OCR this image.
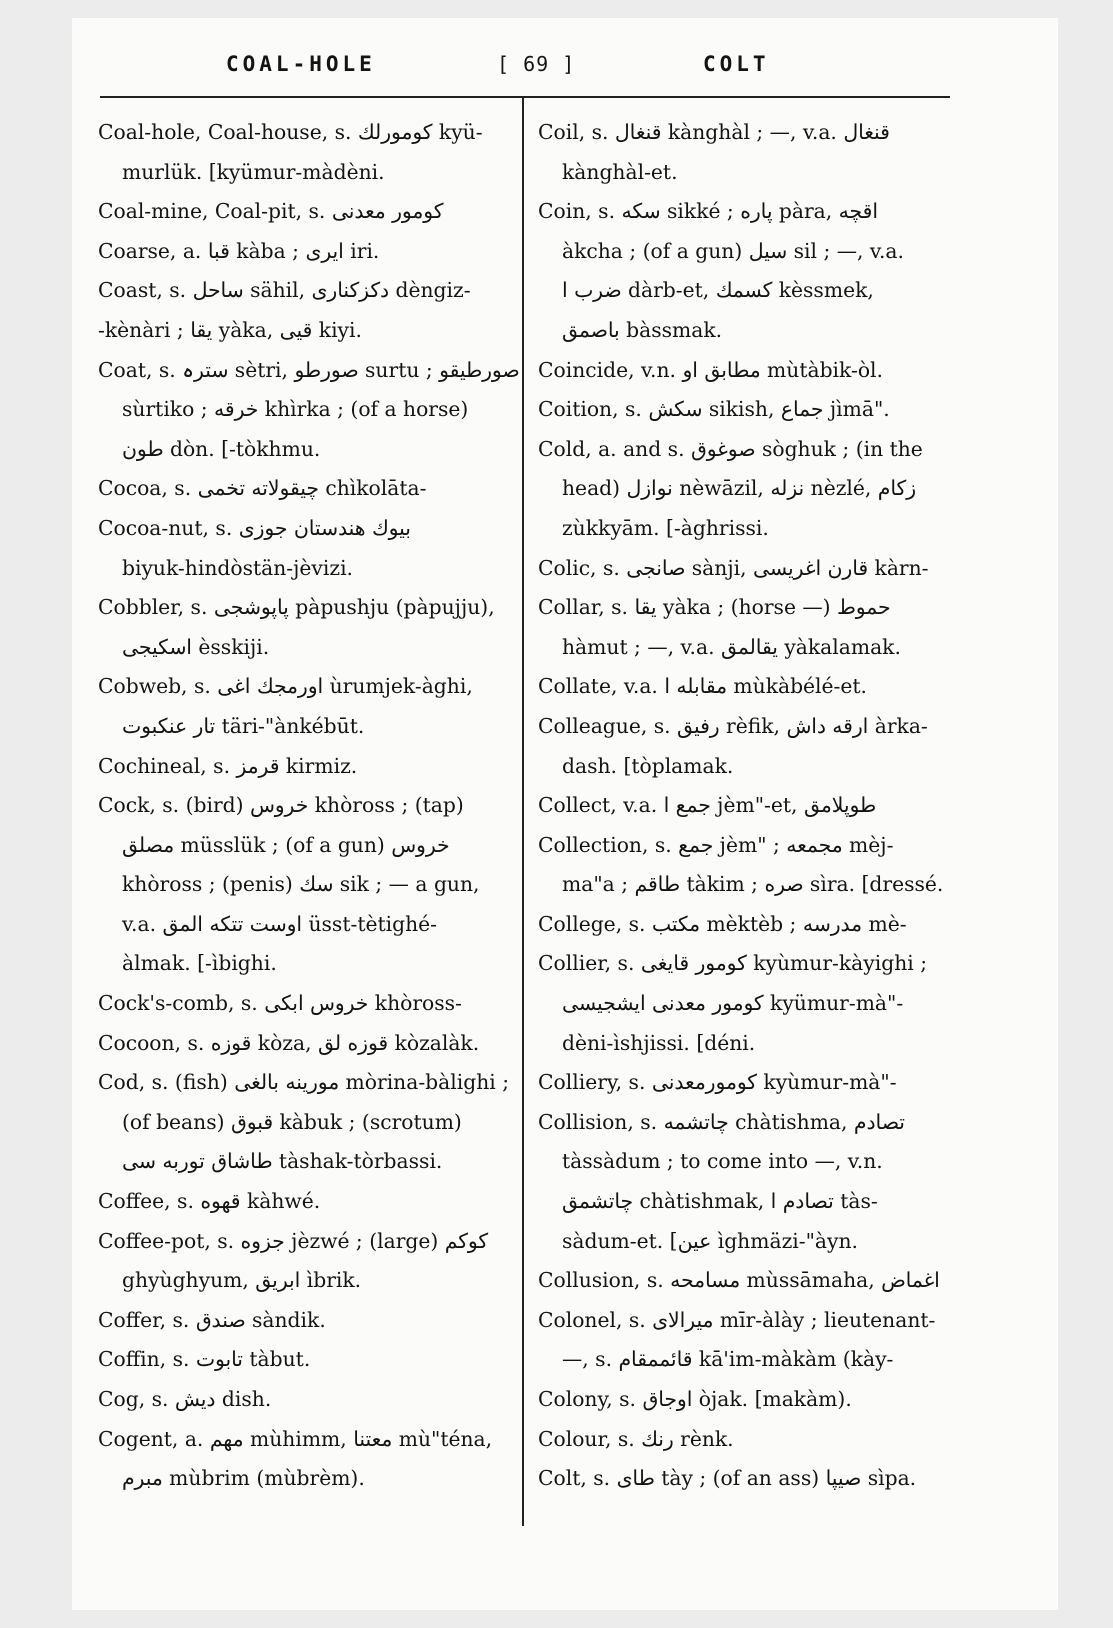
COAL-HOLE	[ 69 ]	COLT
Coal-hole, Coal-house, s. کومورلك kyü-
murlük. [kyümur-màdèni.
Coal-mine, Coal-pit, s. کومور معدنی
Coarse, a. قبا kàba ; ایری iri.
Coast, s. ساحل sähil, دکزکناری dèngiz-
-kènàri ; یقا yàka, قیی kiyi.
Coat, s. سترہ sètri, صورطو surtu ; صورطیقو
sùrtiko ; خرقه khìrka ; (of a horse)
طون dòn. [-tòkhmu.
Cocoa, s. چیقولاته تخمی chìkolāta-
Cocoa-nut, s. بیوك هندستان جوزی
biyuk-hindòstän-jèvizi.
Cobbler, s. پاپوشجی pàpushju (pàpujju),
اسکیجی èsskiji.
Cobweb, s. اورمجك اغی ùrumjek-àghi,
تار عنکبوت täri-"ànkébūt.
Cochineal, s. قرمز kirmiz.
Cock, s. (bird) خروس khòross ; (tap)
مصلق müsslük ; (of a gun) خروس
khòross ; (penis) سك sik ; — a gun,
v.a. اوست تتکه المق üsst-tètighé-
àlmak. [-ìbighi.
Cock's-comb, s. خروس ابکی khòross-
Cocoon, s. قوزه kòza, قوزه لق kòzalàk.
Cod, s. (fish) مورینه بالغی mòrina-bàlighi ;
(of beans) قبوق kàbuk ; (scrotum)
طاشاق توربه سی tàshak-tòrbassi.
Coffee, s. قهوه kàhwé.
Coffee-pot, s. جزوه jèzwé ; (large) کوکم
ghyùghyum, ابریق ìbrik.
Coffer, s. صندق sàndik.
Coffin, s. تابوت tàbut.
Cog, s. دیش dish.
Cogent, a. مهم mùhimm, معتنا mù"téna,
مبرم mùbrim (mùbrèm).
Coil, s. قنغال kànghàl ; —, v.a. قنغال
kànghàl-et.
Coin, s. سکه sikké ; پاره pàra, اقچه
àkcha ; (of a gun) سیل sil ; —, v.a.
ضرب ا dàrb-et, کسمك kèssmek,
باصمق bàssmak.
Coincide, v.n. مطابق او mùtàbik-òl.
Coition, s. سکش sikish, جماع jìmā".
Cold, a. and s. صوغوق sòghuk ; (in the
head) نوازل nèwāzil, نزله nèzlé, زکام
zùkkyām. [-àghrissi.
Colic, s. صانجی sànji, قارن اغریسی kàrn-
Collar, s. یقا yàka ; (horse —) حموط
hàmut ; —, v.a. یقالمق yàkalamak.
Collate, v.a. مقابله ا mùkàbélé-et.
Colleague, s. رفیق rèfik, ارقه داش àrka-
dash. [tòplamak.
Collect, v.a. جمع ا jèm"-et, طوپلامق
Collection, s. جمع jèm" ; مجمعه mèj-
ma"a ; طاقم tàkim ; صره sìra. [dressé.
College, s. مکتب mèktèb ; مدرسه mè-
Collier, s. کومور قایغی kyùmur-kàyighi ;
کومور معدنی ایشجیسی kyümur-mà"-
dèni-ìshjissi. [déni.
Colliery, s. کومورمعدنی kyùmur-mà"-
Collision, s. چاتشمه chàtishma, تصادم
tàssàdum ; to come into —, v.n.
چاتشمق chàtishmak, تصادم ا tàs-
sàdum-et. [عین ìghmäzi-"àyn.
Collusion, s. مسامحه mùssāmaha, اغماض
Colonel, s. میرالای mīr-àlày ; lieutenant-
—, s. قائممقام kā'im-màkàm (kày-
Colony, s. اوجاق òjak. [makàm).
Colour, s. رنك rènk.
Colt, s. طای tày ; (of an ass) صیپا sìpa.
